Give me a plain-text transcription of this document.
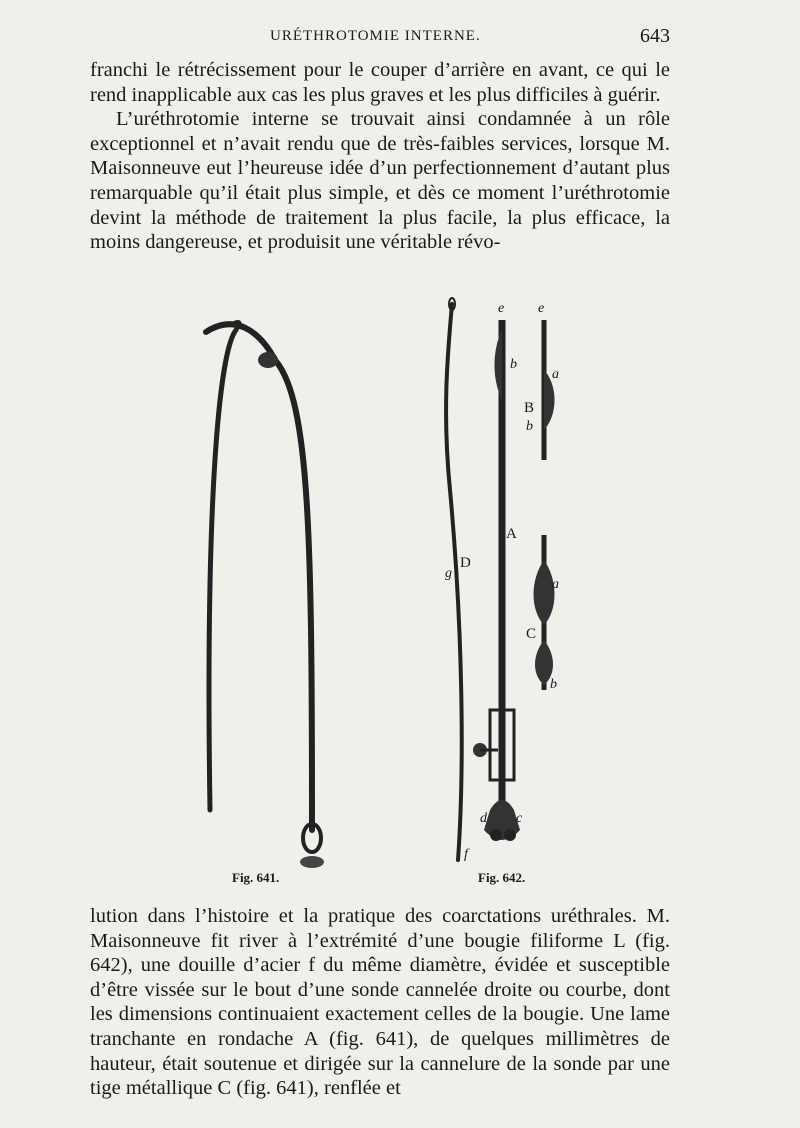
URÉTHROTOMIE INTERNE.	643

franchi le rétrécissement pour le couper d’arrière en avant, ce qui le rend inapplicable aux cas les plus graves et les plus difficiles à guérir.

L’uréthrotomie interne se trouvait ainsi condamnée à un rôle exceptionnel et n’avait rendu que de très-faibles services, lorsque M. Maisonneuve eut l’heureuse idée d’un perfectionnement d’autant plus remarquable qu’il était plus simple, et dès ce moment l’uréthrotomie devint la méthode de traitement la plus facile, la plus efficace, la moins dangereuse, et produisit une véritable révo-

g
D
f
e
b
A
d c
e
a
B
b
a
C
b
Fig. 641.	Fig. 642.

lution dans l’histoire et la pratique des coarctations uréthrales. M. Maisonneuve fit river à l’extrémité d’une bougie filiforme L (fig. 642), une douille d’acier f du même diamètre, évidée et susceptible d’être vissée sur le bout d’une sonde cannelée droite ou courbe, dont les dimensions continuaient exactement celles de la bougie. Une lame tranchante en rondache A (fig. 641), de quelques millimètres de hauteur, était soutenue et dirigée sur la cannelure de la sonde par une tige métallique C (fig. 641), renflée et
